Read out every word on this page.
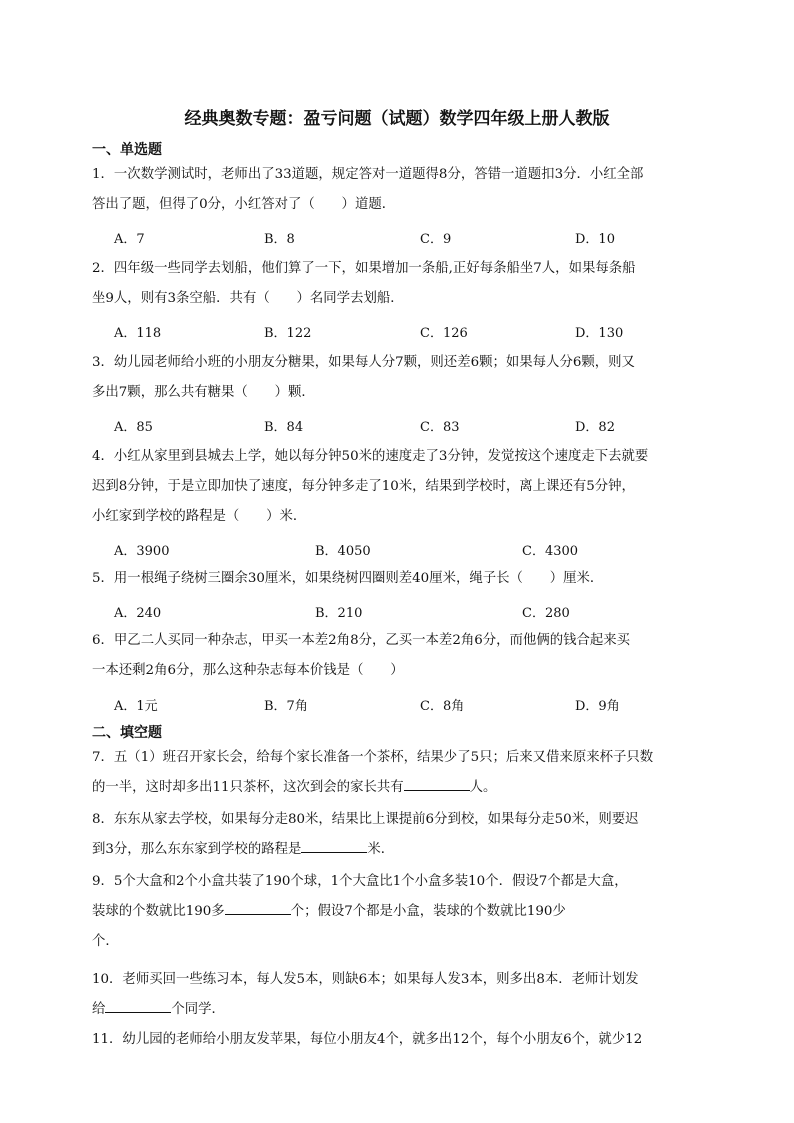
经典奥数专题：盈亏问题（试题）数学四年级上册人教版
一、单选题

1．一次数学测试时，老师出了33道题，规定答对一道题得8分，答错一道题扣3分．小红全部

答出了题，但得了0分，小红答对了（　　）道题．

A．7	B．8	C．9	D．10

2．四年级一些同学去划船，他们算了一下，如果增加一条船,正好每条船坐7人，如果每条船

坐9人，则有3条空船．共有（　　）名同学去划船．

A．118	B．122	C．126	D．130

3．幼儿园老师给小班的小朋友分糖果，如果每人分7颗，则还差6颗；如果每人分6颗，则又

多出7颗，那么共有糖果（　　）颗．

A．85	B．84	C．83	D．82

4．小红从家里到县城去上学，她以每分钟50米的速度走了3分钟，发觉按这个速度走下去就要

迟到8分钟，于是立即加快了速度，每分钟多走了10米，结果到学校时，离上课还有5分钟，

小红家到学校的路程是（　　）米．

A．3900	B．4050	C．4300

5．用一根绳子绕树三圈余30厘米，如果绕树四圈则差40厘米，绳子长（　　）厘米．

A．240	B．210	C．280

6．甲乙二人买同一种杂志，甲买一本差2角8分，乙买一本差2角6分，而他俩的钱合起来买

一本还剩2角6分，那么这种杂志每本价钱是（　　）

A．1元	B．7角	C．8角	D．9角
二、填空题

7．五（1）班召开家长会，给每个家长准备一个茶杯，结果少了5只；后来又借来原来杯子只数

的一半，这时却多出11只茶杯，这次到会的家长共有	人。

8．东东从家去学校，如果每分走80米，结果比上课提前6分到校，如果每分走50米，则要迟

到3分，那么东东家到学校的路程是	米．

9．5个大盒和2个小盒共装了190个球，1个大盒比1个小盒多装10个．假设7个都是大盒，

装球的个数就比190多	个；假设7个都是小盒，装球的个数就比190少

个．

10．老师买回一些练习本，每人发5本，则缺6本；如果每人发3本，则多出8本．老师计划发

给	个同学．

11．幼儿园的老师给小朋友发苹果，每位小朋友4个，就多出12个，每个小朋友6个，就少12
